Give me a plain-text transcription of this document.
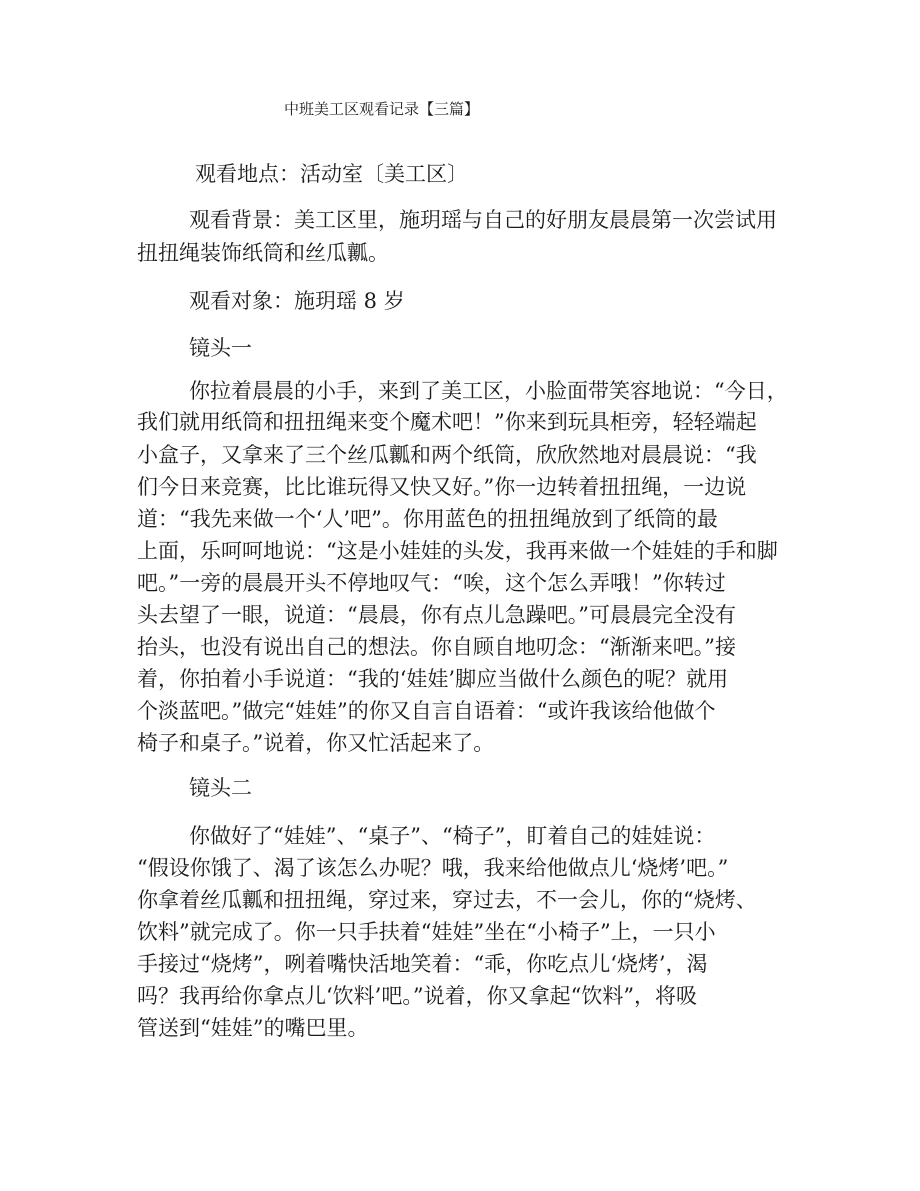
中班美工区观看记录【三篇】

观看地点：活动室〔美工区〕

观看背景：美工区里，施玥瑶与自己的好朋友晨晨第一次尝试用

扭扭绳装饰纸筒和丝瓜瓤。

观看对象：施玥瑶 8 岁

镜头一

你拉着晨晨的小手，来到了美工区，小脸面带笑容地说：“今日，

我们就用纸筒和扭扭绳来变个魔术吧！”你来到玩具柜旁，轻轻端起

小盒子，又拿来了三个丝瓜瓤和两个纸筒，欣欣然地对晨晨说：“我

们今日来竞赛，比比谁玩得又快又好。”你一边转着扭扭绳，一边说

道：“我先来做一个‘人’吧”。你用蓝色的扭扭绳放到了纸筒的最

上面，乐呵呵地说：“这是小娃娃的头发，我再来做一个娃娃的手和脚

吧。”一旁的晨晨开头不停地叹气：“唉，这个怎么弄哦！”你转过

头去望了一眼，说道：“晨晨，你有点儿急躁吧。”可晨晨完全没有

抬头，也没有说出自己的想法。你自顾自地叨念：“渐渐来吧。”接

着，你拍着小手说道：“我的‘娃娃’脚应当做什么颜色的呢？就用

个淡蓝吧。”做完“娃娃”的你又自言自语着：“或许我该给他做个

椅子和桌子。”说着，你又忙活起来了。

镜头二

你做好了“娃娃”、“桌子”、“椅子”，盯着自己的娃娃说：

“假设你饿了、渴了该怎么办呢？哦，我来给他做点儿‘烧烤’吧。”

你拿着丝瓜瓤和扭扭绳，穿过来，穿过去，不一会儿，你的“烧烤、

饮料”就完成了。你一只手扶着“娃娃”坐在“小椅子”上，一只小

手接过“烧烤”，咧着嘴快活地笑着：“乖，你吃点儿‘烧烤’，渴

吗？我再给你拿点儿‘饮料’吧。”说着，你又拿起“饮料”，将吸

管送到“娃娃”的嘴巴里。
